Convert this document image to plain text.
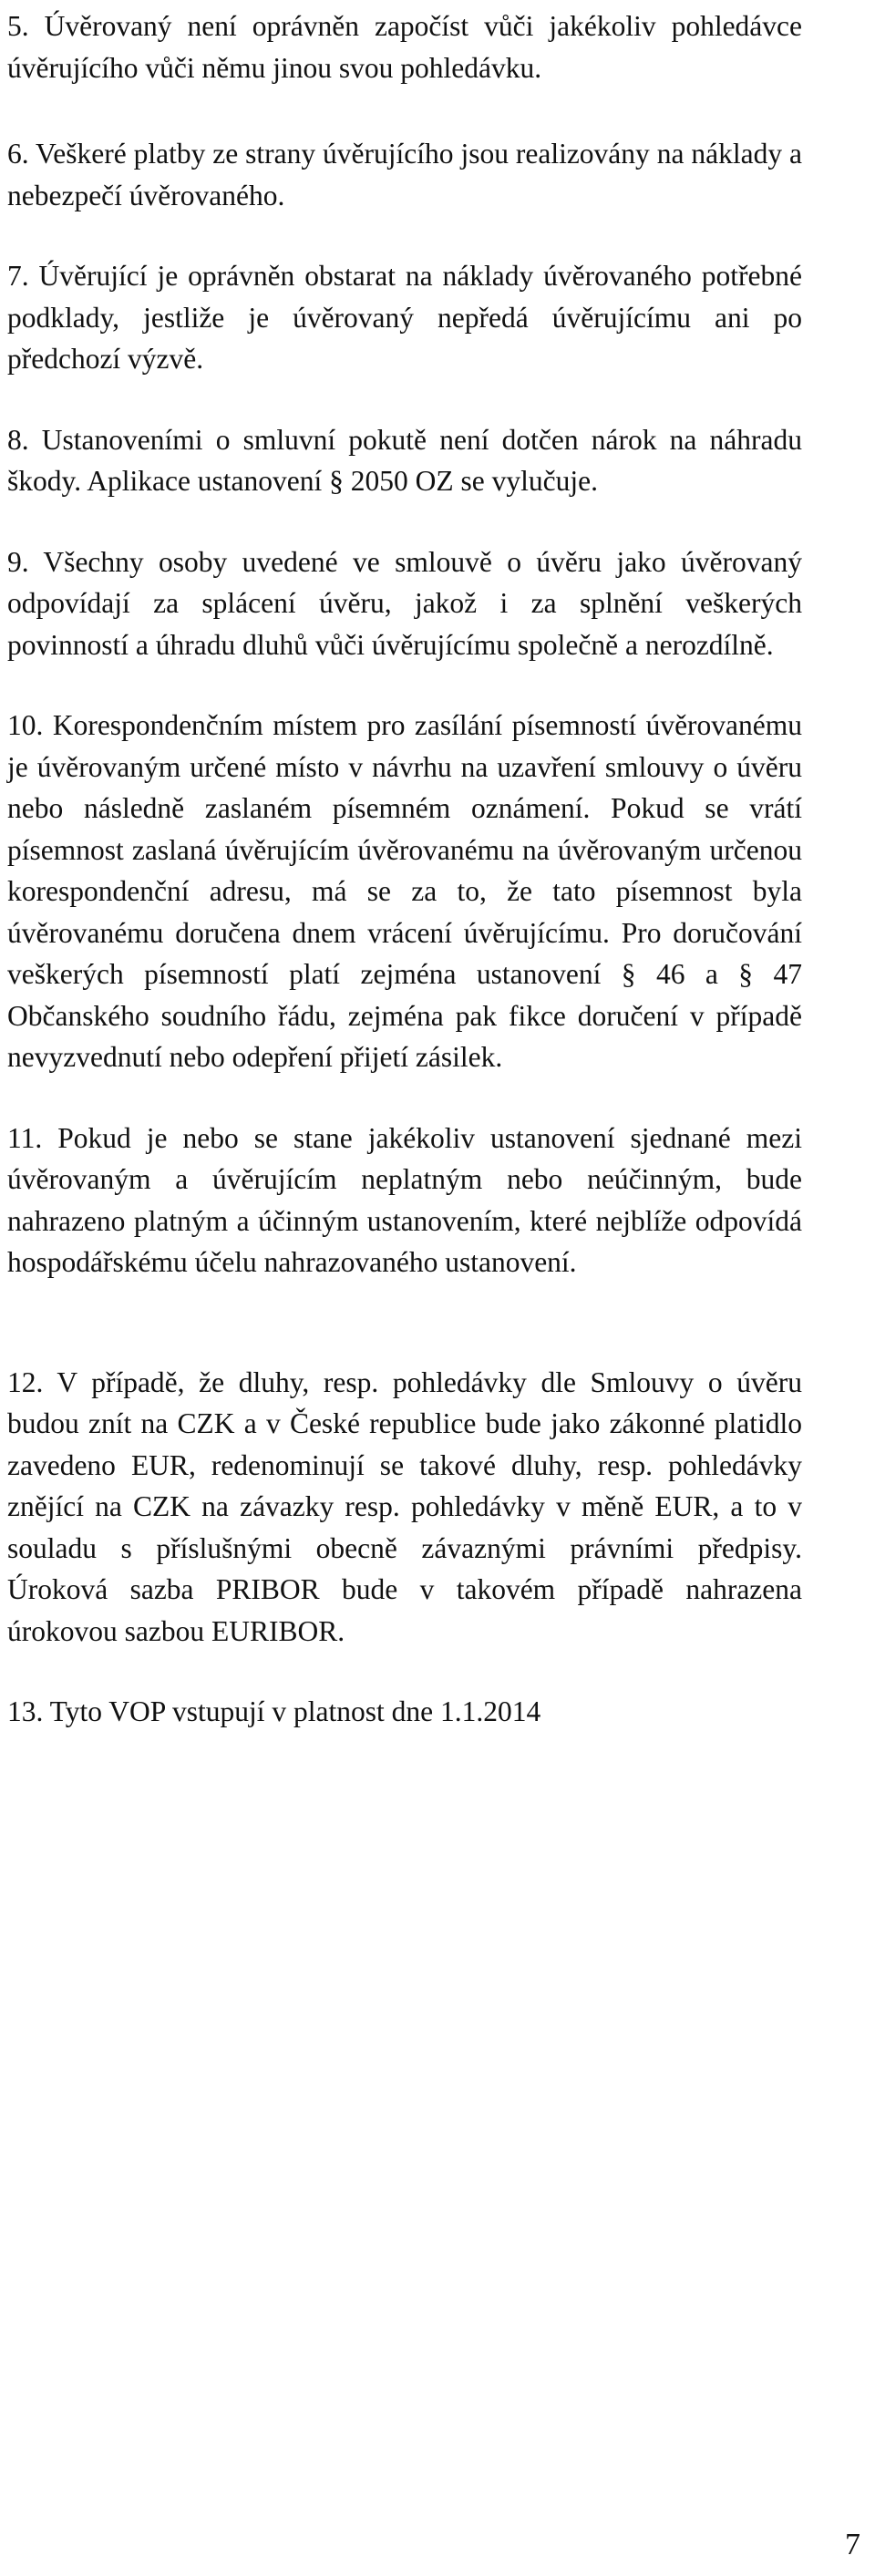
5. Úvěrovaný není oprávněn započíst vůči jakékoliv pohledávce úvěrujícího vůči němu jinou svou pohledávku.

6. Veškeré platby ze strany úvěrujícího jsou realizovány na náklady a nebezpečí úvěrovaného.

7. Úvěrující je oprávněn obstarat na náklady úvěrovaného potřebné podklady, jestliže je úvěrovaný nepředá úvěrujícímu ani po předchozí výzvě.

8. Ustanoveními o smluvní pokutě není dotčen nárok na náhradu škody. Aplikace ustanovení § 2050 OZ se vylučuje.

9. Všechny osoby uvedené ve smlouvě o úvěru jako úvěrovaný odpovídají za splácení úvěru, jakož i za splnění veškerých povinností a úhradu dluhů vůči úvěrujícímu společně a nerozdílně.

10. Korespondenčním místem pro zasílání písemností úvěrovanému je úvěrovaným určené místo v návrhu na uzavření smlouvy o úvěru nebo následně zaslaném písemném oznámení. Pokud se vrátí písemnost zaslaná úvěrujícím úvěrovanému na úvěrovaným určenou korespondenční adresu, má se za to, že tato písemnost byla úvěrovanému doručena dnem vrácení úvěrujícímu. Pro doručování veškerých písemností platí zejména ustanovení § 46 a § 47 Občanského soudního řádu, zejména pak fikce doručení v případě nevyzvednutí nebo odepření přijetí zásilek.

11. Pokud je nebo se stane jakékoliv ustanovení sjednané mezi úvěrovaným a úvěrujícím neplatným nebo neúčinným, bude nahrazeno platným a účinným ustanovením, které nejblíže odpovídá hospodářskému účelu nahrazovaného ustanovení.

12. V případě, že dluhy, resp. pohledávky dle Smlouvy o úvěru budou znít na CZK a v České republice bude jako zákonné platidlo zavedeno EUR, redenominují se takové dluhy, resp. pohledávky znějící na CZK na závazky resp. pohledávky v měně EUR, a to v souladu s příslušnými obecně závaznými právními předpisy. Úroková sazba PRIBOR bude v takovém případě nahrazena úrokovou sazbou EURIBOR.

13. Tyto VOP vstupují v platnost dne 1.1.2014

7
